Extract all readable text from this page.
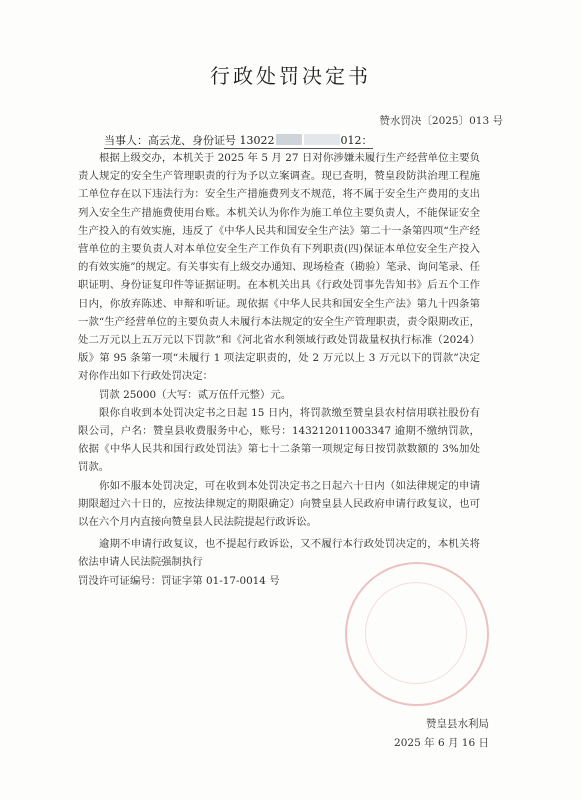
行政处罚决定书
赞水罚决〔2025〕013 号
当事人：高云龙、身份证号 13022	012：

根据上级交办，本机关于 2025 年 5 月 27 日对你涉嫌未履行生产经营单位主要负责人规定的安全生产管理职责的行为予以立案调查。现已查明，赞皇段防洪治理工程施工单位存在以下违法行为：安全生产措施费列支不规范，将不属于安全生产费用的支出列入安全生产措施费使用台账。本机关认为你作为施工单位主要负责人，不能保证安全生产投入的有效实施，违反了《中华人民共和国安全生产法》第二十一条第四项“生产经营单位的主要负责人对本单位安全生产工作负有下列职责(四)保证本单位安全生产投入的有效实施”的规定。有关事实有上级交办通知、现场检查（勘验）笔录、询问笔录、任职证明、身份证复印件等证据证明。在本机关出具《行政处罚事先告知书》后五个工作日内，你放弃陈述、申辩和听证。现依据《中华人民共和国安全生产法》第九十四条第一款“生产经营单位的主要负责人未履行本法规定的安全生产管理职责，责令限期改正，处二万元以上五万元以下罚款”和《河北省水利领域行政处罚裁量权执行标准（2024）版》第 95 条第一项“未履行 1 项法定职责的，处 2 万元以上 3 万元以下的罚款”决定对你作出如下行政处罚决定：

罚款 25000（大写：贰万伍仟元整）元。

限你自收到本处罚决定书之日起 15 日内，将罚款缴至赞皇县农村信用联社股份有限公司，户名：赞皇县收费服务中心，账号：143212011003347 逾期不缴纳罚款，依据《中华人民共和国行政处罚法》第七十二条第一项规定每日按罚款数额的 3%加处罚款。

你如不服本处罚决定，可在收到本处罚决定书之日起六十日内（如法律规定的申请期限超过六十日的，应按法律规定的期限确定）向赞皇县人民政府申请行政复议，也可以在六个月内直接向赞皇县人民法院提起行政诉讼。

逾期不申请行政复议，也不提起行政诉讼，又不履行本行政处罚决定的，本机关将依法申请人民法院强制执行

罚没许可证编号：罚证字第 01-17-0014 号

赞皇县水利局
2025 年 6 月 16 日
